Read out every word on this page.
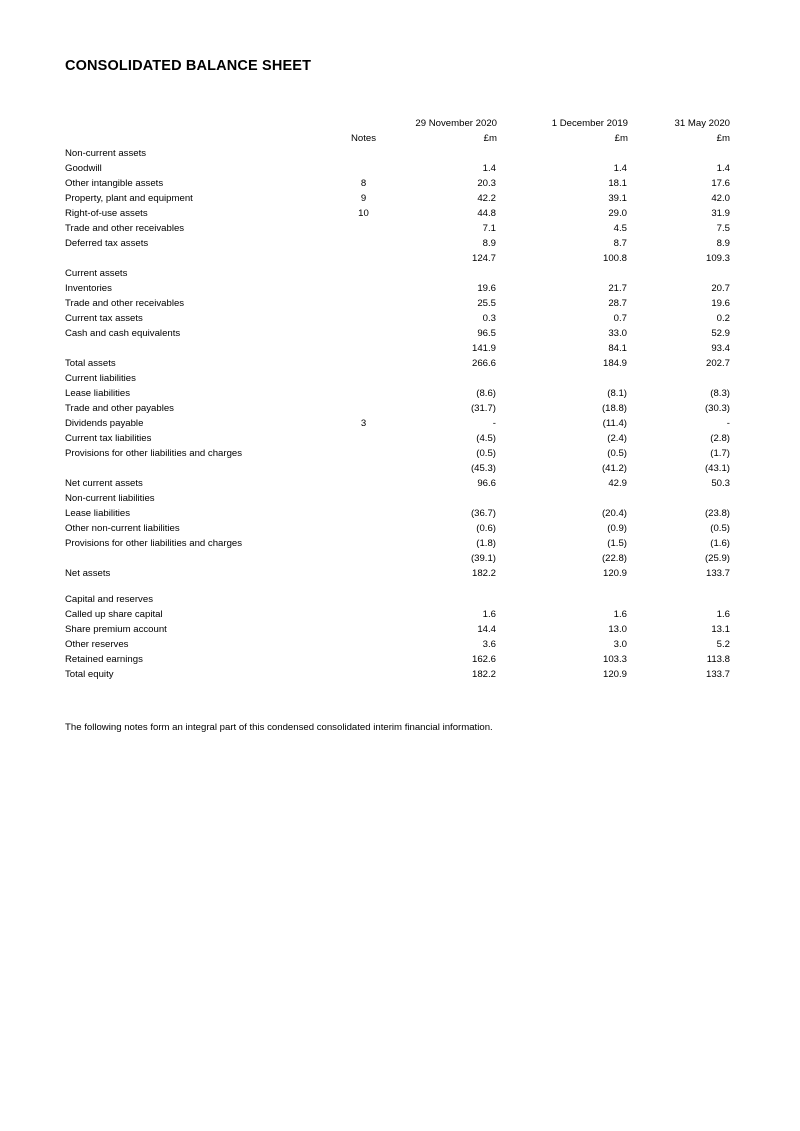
CONSOLIDATED BALANCE SHEET
		29 November 2020	1 December 2019	31 May 2020
	Notes	£m	£m	£m
Non-current assets				
Goodwill		1.4	1.4	1.4
Other intangible assets	8	20.3	18.1	17.6
Property, plant and equipment	9	42.2	39.1	42.0
Right-of-use assets	10	44.8	29.0	31.9
Trade and other receivables		7.1	4.5	7.5
Deferred tax assets		8.9	8.7	8.9
		124.7	100.8	109.3
Current assets				
Inventories		19.6	21.7	20.7
Trade and other receivables		25.5	28.7	19.6
Current tax assets		0.3	0.7	0.2
Cash and cash equivalents		96.5	33.0	52.9
		141.9	84.1	93.4
Total assets		266.6	184.9	202.7
Current liabilities				
Lease liabilities		(8.6)	(8.1)	(8.3)
Trade and other payables		(31.7)	(18.8)	(30.3)
Dividends payable	3	-	(11.4)	-
Current tax liabilities		(4.5)	(2.4)	(2.8)
Provisions for other liabilities and charges		(0.5)	(0.5)	(1.7)
		(45.3)	(41.2)	(43.1)
Net current assets		96.6	42.9	50.3
Non-current liabilities				
Lease liabilities		(36.7)	(20.4)	(23.8)
Other non-current liabilities		(0.6)	(0.9)	(0.5)
Provisions for other liabilities and charges		(1.8)	(1.5)	(1.6)
		(39.1)	(22.8)	(25.9)
Net assets		182.2	120.9	133.7

Capital and reserves				
Called up share capital		1.6	1.6	1.6
Share premium account		14.4	13.0	13.1
Other reserves		3.6	3.0	5.2
Retained earnings		162.6	103.3	113.8
Total equity		182.2	120.9	133.7
The following notes form an integral part of this condensed consolidated interim financial information.
